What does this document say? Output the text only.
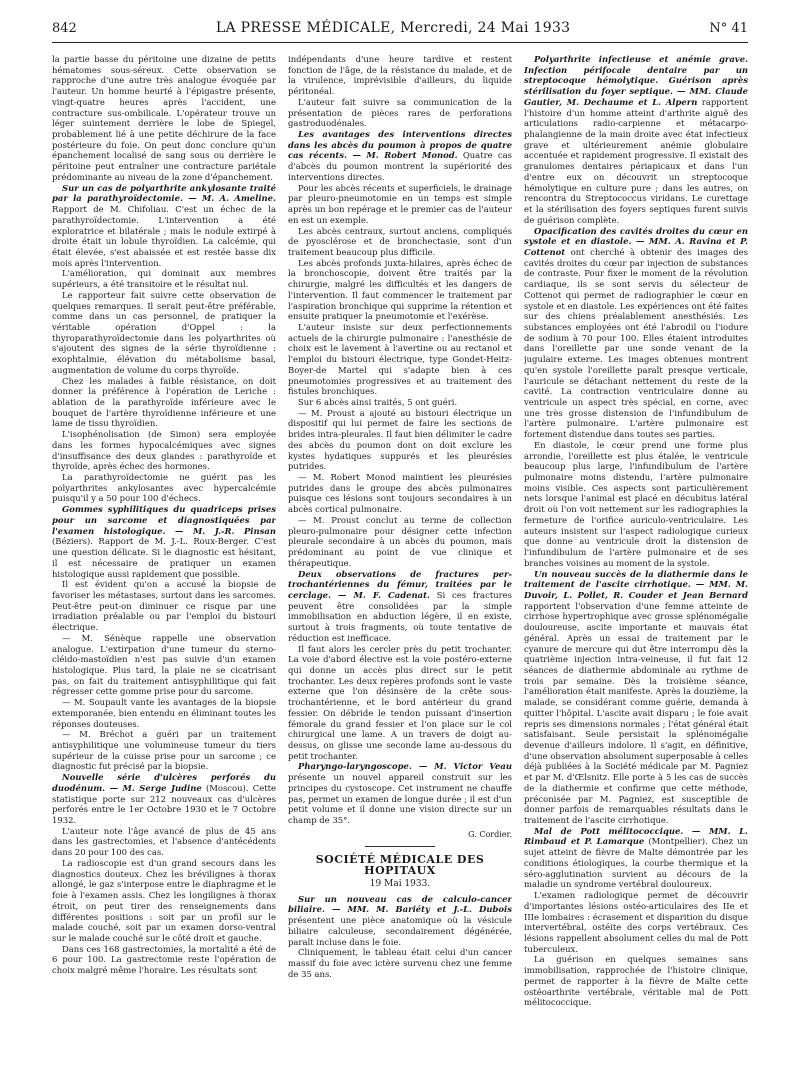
842	LA PRESSE MÉDICALE, Mercredi, 24 Mai 1933	N° 41

la partie basse du péritoine une dizaine de petits hématomes sous-séreux. Cette observation se rapproche d'une autre très analogue évoquée par l'auteur. Un homme heurté à l'épigastre présente, vingt-quatre heures après l'accident, une contracture sus-ombilicale. L'opérateur trouve un léger suintement derrière le lobe de Spiegel, probablement lié à une petite déchirure de la face postérieure du foie. On peut donc conclure qu'un épanchement localisé de sang sous ou derrière le péritoine peut entraîner une contracture pariétale prédominante au niveau de la zone d'épanchement.

Sur un cas de polyarthrite ankylosante traité par la parathyroïdectomie. — M. A. Ameline. Rapport de M. Chifoliau. C'est un échec de la parathyroïdectomie. L'intervention a été exploratrice et bilatérale ; mais le nodule extirpé à droite était un lobule thyroïdien. La calcémie, qui était élevée, s'est abaissée et est restée basse dix mois après l'intervention.

L'amélioration, qui dominait aux membres supérieurs, a été transitoire et le résultat nul.

Le rapporteur fait suivre cette observation de quelques remarques. Il serait peut-être préférable, comme dans un cas personnel, de pratiquer la véritable opération d'Oppel : la thyroparathyroïdectomie dans les polyarthrites où s'ajoutent des signes de la série thyroïdienne : exophtalmie, élévation du métabolisme basal, augmentation de volume du corps thyroïde.

Chez les malades à faible résistance, on doit donner la préférence à l'opération de Leriche : ablation de la parathyroïde inférieure avec le bouquet de l'artère thyroïdienne inférieure et une lame de tissu thyroïdien.

L'isophénolisation (de Simon) sera employée dans les formes hypocalcémiques avec signes d'insuffisance des deux glandes : parathyroïde et thyroïde, après échec des hormones.

La parathyroïdectomie ne guérit pas les polyarthrites ankylosantes avec hypercalcémie puisqu'il y a 50 pour 100 d'échecs.

Gommes syphilitiques du quadriceps prises pour un sarcome et diagnostiquées par l'examen histologique. — M. J.-R. Pinsan (Béziers). Rapport de M. J.-L. Roux-Berger. C'est une question délicate. Si le diagnostic est hésitant, il est nécessaire de pratiquer un examen histologique aussi rapidement que possible.

Il est évident qu'on a accusé la biopsie de favoriser les métastases, surtout dans les sarcomes. Peut-être peut-on diminuer ce risque par une irradiation préalable ou par l'emploi du bistouri électrique.

— M. Sénèque rappelle une observation analogue. L'extirpation d'une tumeur du sterno-cléido-mastoïdien n'est pas suivie d'un examen histologique. Plus tard, la plaie ne se cicatrisant pas, on fait du traitement antisyphilitique qui fait régresser cette gomme prise pour du sarcome.

— M. Soupault vante les avantages de la biopsie extemporanée, bien entendu en éliminant toutes les réponses douteuses.

— M. Bréchot a guéri par un traitement antisyphilitique une volumineuse tumeur du tiers supérieur de la cuisse prise pour un sarcome ; ce diagnostic fut précisé par la biopsie.

Nouvelle série d'ulcères perforés du duodénum. — M. Serge Judine (Moscou). Cette statistique porte sur 212 nouveaux cas d'ulcères perforés entre le 1er Octobre 1930 et le 7 Octobre 1932.

L'auteur note l'âge avancé de plus de 45 ans dans les gastrectomies, et l'absence d'antécédents dans 20 pour 100 des cas.

La radioscopie est d'un grand secours dans les diagnostics douteux. Chez les brévilignes à thorax allongé, le gaz s'interpose entre le diaphragme et le foie à l'examen assis. Chez les longilignes à thorax étroit, on peut tirer des renseignements dans différentes positions : soit par un profil sur le malade couché, soit par un examen dorso-ventral sur le malade couché sur le côté droit et gauche.

Dans ces 168 gastrectomies, la mortalité a été de 6 pour 100. La gastrectomie reste l'opération de choix malgré même l'horaire. Les résultats sont

indépendants d'une heure tardive et restent fonction de l'âge, de la résistance du malade, et de la virulence, imprévisible d'ailleurs, du liquide péritonéal.

L'auteur fait suivre sa communication de la présentation de pièces rares de perforations gastroduodénales.

Les avantages des interventions directes dans les abcès du poumon à propos de quatre cas récents. — M. Robert Monod. Quatre cas d'abcès du poumon montrent la supériorité des interventions directes.

Pour les abcès récents et superficiels, le drainage par pleuro-pneumotomie en un temps est simple après un bon repérage et le premier cas de l'auteur en est un exemple.

Les abcès centraux, surtout anciens, compliqués de pyosclérose et de bronchectasie, sont d'un traitement beaucoup plus difficile.

Les abcès profonds juxta-hilaires, après échec de la bronchoscopie, doivent être traités par la chirurgie, malgré les difficultés et les dangers de l'intervention. Il faut commencer le traitement par l'aspiration bronchique qui supprime la rétention et ensuite pratiquer la pneumotomie et l'exérèse.

L'auteur insiste sur deux perfectionnements actuels de la chirurgie pulmonaire : l'anesthésie de choix est le lavement à l'avertine ou au rectanol et l'emploi du bistouri électrique, type Gondet-Heitz-Boyer-de Martel qui s'adapte bien à ces pneumotomies progressives et au traitement des fistules bronchiques.

Sur 6 abcès ainsi traités, 5 ont guéri.

— M. Proust a ajouté au bistouri électrique un dispositif qui lui permet de faire les sections de brides intra-pleurales. Il faut bien délimiter le cadre des abcès du poumon dont on doit exclure les kystes hydatiques suppurés et les pleurésies putrides.

— M. Robert Monod maintient les pleurésies putrides dans le groupe des abcès pulmonaires puisque ces lésions sont toujours secondaires à un abcès cortical pulmonaire.

— M. Proust conclut au terme de collection pleuro-pulmonaire pour désigner cette infection pleurale secondaire à un abcès du poumon, mais prédominant au point de vue clinique et thérapeutique.

Deux observations de fractures per-trochantériennes du fémur, traitées par le cerclage. — M. F. Cadenat. Si ces fractures peuvent être consolidées par la simple immobilisation en abduction légère, il en existe, surtout à trois fragments, où toute tentative de réduction est inefficace.

Il faut alors les cercler près du petit trochanter. La voie d'abord élective est la voie postéro-externe qui donne un accès plus direct sur le petit trochanter. Les deux repères profonds sont le vaste externe que l'on désinsère de la crête sous-trochantérienne, et le bord antérieur du grand fessier. On débride le tendon puissant d'insertion fémorale du grand fessier et l'on place sur le col chirurgical une lame. A un travers de doigt au-dessus, on glisse une seconde lame au-dessous du petit trochanter.

Pharyngo-laryngoscope. — M. Victor Veau présente un nouvel appareil construit sur les principes du cystoscope. Cet instrument ne chauffe pas, permet un examen de longue durée ; il est d'un petit volume et il donne une vision directe sur un champ de 35°.

G. Cordier.
SOCIÉTÉ MÉDICALE DES HOPITAUX
19 Mai 1933.

Sur un nouveau cas de calculo-cancer biliaire. — MM. M. Bariéty et J.-L. Dubois présentent une pièce anatomique où la vésicule biliaire calculeuse, secondairement dégénérée, paraît incluse dans le foie.

Cliniquement, le tableau était celui d'un cancer massif du foie avec ictère survenu chez une femme de 35 ans.

Polyarthrite infectieuse et anémie grave. Infection périfocale dentaire par un streptocoque hémolytique. Guérison après stérilisation du foyer septique. — MM. Claude Gautier, M. Dechaume et L. Alpern rapportent l'histoire d'un homme atteint d'arthrite aiguë des articulations radio-carpienne et métacarpo-phalangienne de la main droite avec état infectieux grave et ultérieurement anémie globulaire accentuée et rapidement progressive. Il existait des granulomes dentaires périapicaux et dans l'un d'entre eux on découvrit un streptocoque hémolytique en culture pure ; dans les autres, on rencontra du Streptococcus viridans. Le curettage et la stérilisation des foyers septiques furent suivis de guérison complète.

Opacification des cavités droites du cœur en systole et en diastole. — MM. A. Ravina et P. Cottenot ont cherché à obtenir des images des cavités droites du cœur par injection de substances de contraste. Pour fixer le moment de la révolution cardiaque, ils se sont servis du sélecteur de Cottenot qui permet de radiographier le cœur en systole et en diastole. Les expériences ont été faites sur des chiens préalablement anesthésiés. Les substances employées ont été l'abrodil ou l'iodure de sodium à 70 pour 100. Elles étaient introduites dans l'oreillette par une sonde venant de la jugulaire externe. Les images obtenues montrent qu'en systole l'oreillette paraît presque verticale, l'auricule se détachant nettement du reste de la cavité. La contraction ventriculaire donne au ventricule un aspect très spécial, en corne, avec une très grosse distension de l'infundibulum de l'artère pulmonaire. L'artère pulmonaire est fortement distendue dans toutes ses parties.

En diastole, le cœur prend une forme plus arrondie, l'oreillette est plus étalée, le ventricule beaucoup plus large, l'infundibulum de l'artère pulmonaire moins distendu, l'artère pulmonaire moins visible. Ces aspects sont particulièrement nets lorsque l'animal est placé en décubitus latéral droit où l'on voit nettement sur les radiographies la fermeture de l'orifice auriculo-ventriculaire. Les auteurs insistent sur l'aspect radiologique curieux que donne au ventricule droit la distension de l'infundibulum de l'artère pulmonaire et de ses branches voisines au moment de la systole.

Un nouveau succès de la diathermie dans le traitement de l'ascite cirrhotique. — MM. M. Duvoir, L. Pollet, R. Couder et Jean Bernard rapportent l'observation d'une femme atteinte de cirrhose hypertrophique avec grosse splénomégalie douloureuse, ascite importante et mauvais état général. Après un essai de traitement par le cyanure de mercure qui dut être interrompu dès la quatrième injection intra-veineuse, il fut fait 12 séances de diathermie abdominale au rythme de trois par semaine. Dès la troisième séance, l'amélioration était manifeste. Après la douzième, la malade, se considérant comme guérie, demanda à quitter l'hôpital. L'ascite avait disparu ; le foie avait repris ses dimensions normales ; l'état général était satisfaisant. Seule persistait la splénomégalie devenue d'ailleurs indolore. Il s'agit, en définitive, d'une observation absolument superposable à celles déjà publiées à la Société médicale par M. Pagniez et par M. d'Œlsnitz. Elle porte à 5 les cas de succès de la diathermie et confirme que cette méthode, préconisée par M. Pagniez, est susceptible de donner parfois de remarquables résultats dans le traitement de l'ascite cirrhotique.

Mal de Pott mélitococcique. — MM. L. Rimbaud et P. Lamarque (Montpellier). Chez un sujet atteint de fièvre de Malte démontrée par les conditions étiologiques, la courbe thermique et la séro-agglutination survient au décours de la maladie un syndrome vertébral douloureux.

L'examen radiologique permet de découvrir d'importantes lésions ostéo-articulaires des IIe et IIIe lombaires : écrasement et disparition du disque intervertébral, ostéite des corps vertébraux. Ces lésions rappellent absolument celles du mal de Pott tuberculeux.

La guérison en quelques semaines sans immobilisation, rapprochée de l'histoire clinique, permet de rapporter à la fièvre de Malte cette ostéoarthrite vertébrale, véritable mal de Pott mélitococcique.
